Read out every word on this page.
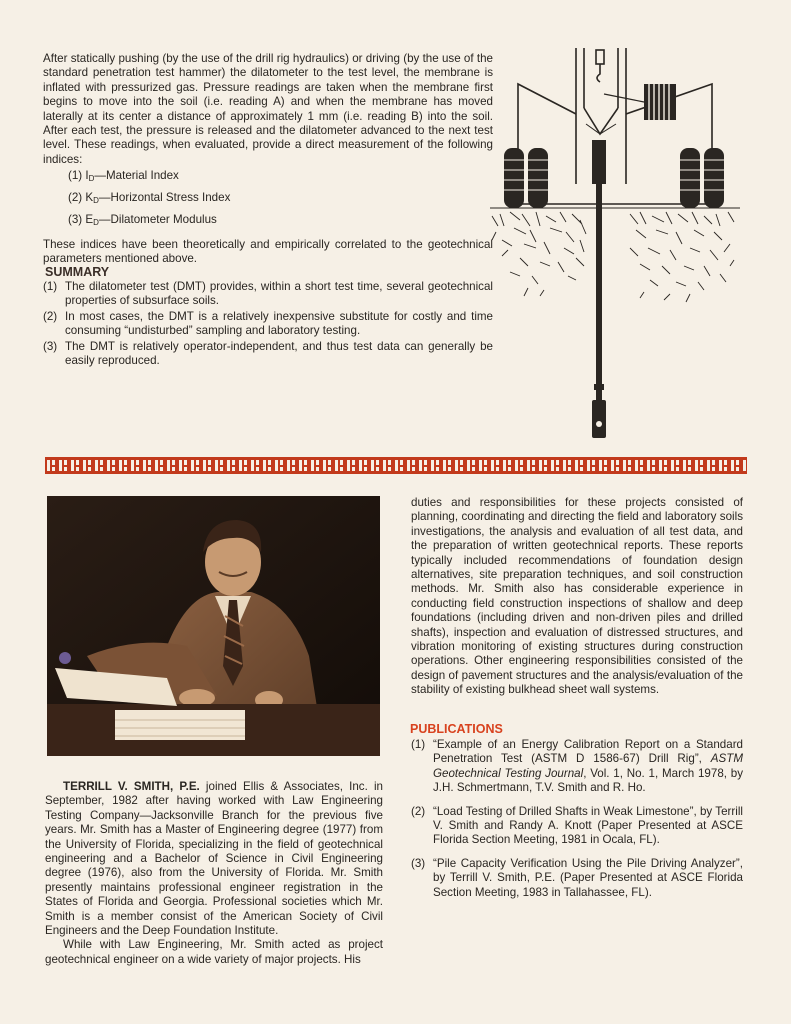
After statically pushing (by the use of the drill rig hydraulics) or driving (by the use of the standard penetration test hammer) the dilatometer to the test level, the membrane is inflated with pressurized gas. Pressure readings are taken when the membrane first begins to move into the soil (i.e. reading A) and when the membrane has moved laterally at its center a distance of approximately 1 mm (i.e. reading B) into the soil. After each test, the pressure is released and the dilatometer advanced to the next test level. These readings, when evaluated, provide a direct measurement of the following indices:
(1) $I_D—Material$ Index
(2) $K_D—Horizontal$ Stress Index
(3) $E_D—Dilatometer$ Modulus
These indices have been theoretically and empirically correlated to the geotechnical parameters mentioned above.
SUMMARY
(1) The dilatometer test (DMT) provides, within a short test time, several geotechnical properties of subsurface soils.
(2) In most cases, the DMT is a relatively inexpensive substitute for costly and time consuming “undisturbed” sampling and laboratory testing.
(3) The DMT is relatively operator-independent, and thus test data can generally be easily reproduced.

TERRILL V. SMITH, P.E. joined Ellis & Associates, Inc. in September, 1982 after having worked with Law Engineering Testing Company—Jacksonville Branch for the previous five years. Mr. Smith has a Master of Engineering degree (1977) from the University of Florida, specializing in the field of geotechnical engineering and a Bachelor of Science in Civil Engineering degree (1976), also from the University of Florida. Mr. Smith presently maintains professional engineer registration in the States of Florida and Georgia. Professional societies which Mr. Smith is a member consist of the American Society of Civil Engineers and the Deep Foundation Institute.

While with Law Engineering, Mr. Smith acted as project geotechnical engineer on a wide variety of major projects. His

duties and responsibilities for these projects consisted of planning, coordinating and directing the field and laboratory soils investigations, the analysis and evaluation of all test data, and the preparation of written geotechnical reports. These reports typically included recommendations of foundation design alternatives, site preparation techniques, and soil construction methods. Mr. Smith also has considerable experience in conducting field construction inspections of shallow and deep foundations (including driven and non-driven piles and drilled shafts), inspection and evaluation of distressed structures, and vibration monitoring of existing structures during construction operations. Other engineering responsibilities consisted of the design of pavement structures and the analysis/evaluation of the stability of existing bulkhead sheet wall systems.
PUBLICATIONS
(1) “Example of an Energy Calibration Report on a Standard Penetration Test (ASTM D 1586-67) Drill Rig”, ASTM Geotechnical Testing Journal, Vol. 1, No. 1, March 1978, by J.H. Schmertmann, T.V. Smith and R. Ho.
(2) “Load Testing of Drilled Shafts in Weak Limestone”, by Terrill V. Smith and Randy A. Knott (Paper Presented at ASCE Florida Section Meeting, 1981 in Ocala, FL).
(3) “Pile Capacity Verification Using the Pile Driving Analyzer”, by Terrill V. Smith, P.E. (Paper Presented at ASCE Florida Section Meeting, 1983 in Tallahassee, FL).
